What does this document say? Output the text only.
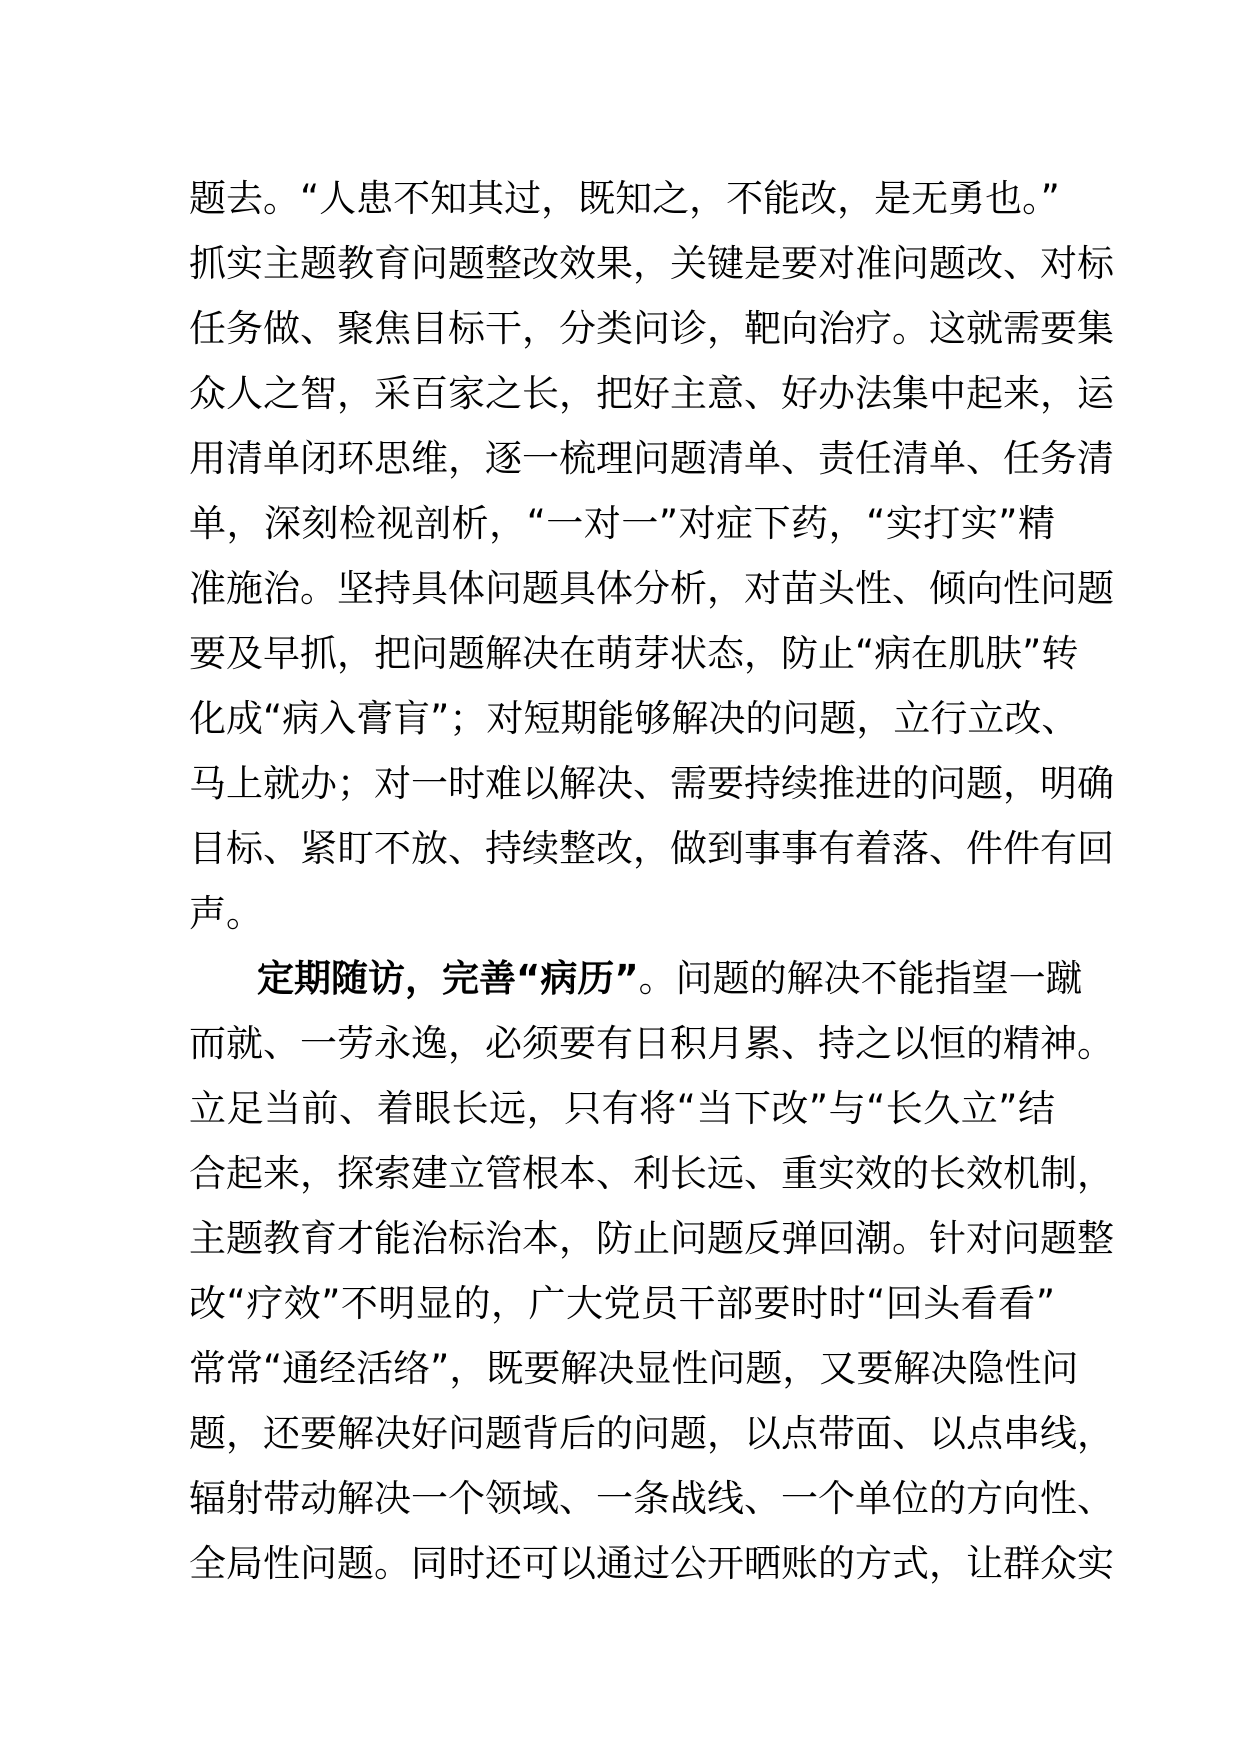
题去。“人患不知其过，既知之，不能改，是无勇也。”
抓实主题教育问题整改效果，关键是要对准问题改、对标
任务做、聚焦目标干，分类问诊，靶向治疗。这就需要集
众人之智，采百家之长，把好主意、好办法集中起来，运
用清单闭环思维，逐一梳理问题清单、责任清单、任务清
单，深刻检视剖析，“一对一”对症下药，“实打实”精
准施治。坚持具体问题具体分析，对苗头性、倾向性问题
要及早抓，把问题解决在萌芽状态，防止“病在肌肤”转
化成“病入膏肓”；对短期能够解决的问题，立行立改、
马上就办；对一时难以解决、需要持续推进的问题，明确
目标、紧盯不放、持续整改，做到事事有着落、件件有回
声。
定期随访，完善“病历”。问题的解决不能指望一蹴
而就、一劳永逸，必须要有日积月累、持之以恒的精神。
立足当前、着眼长远，只有将“当下改”与“长久立”结
合起来，探索建立管根本、利长远、重实效的长效机制，
主题教育才能治标治本，防止问题反弹回潮。针对问题整
改“疗效”不明显的，广大党员干部要时时“回头看看”
常常“通经活络”，既要解决显性问题，又要解决隐性问
题，还要解决好问题背后的问题，以点带面、以点串线，
辐射带动解决一个领域、一条战线、一个单位的方向性、
全局性问题。同时还可以通过公开晒账的方式，让群众实
